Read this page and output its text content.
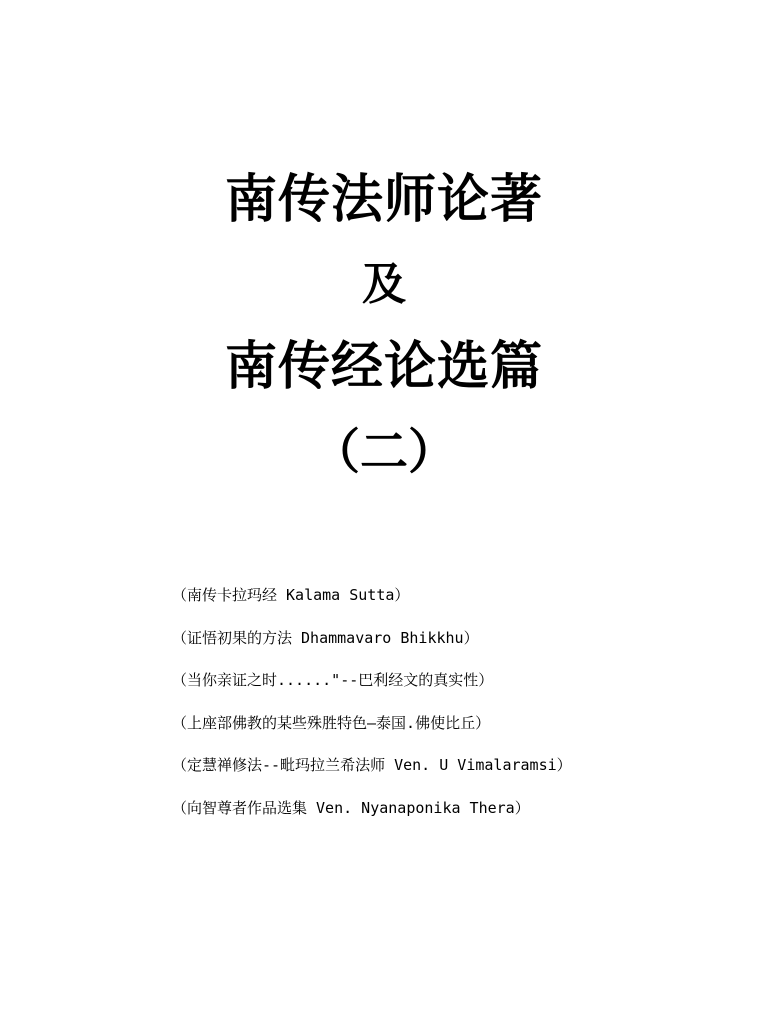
南传法师论著
及
南传经论选篇
（二）
（南传卡拉玛经 Kalama Sutta）
（证悟初果的方法 Dhammavaro Bhikkhu）
（当你亲证之时......"--巴利经文的真实性）
（上座部佛教的某些殊胜特色—泰国.佛使比丘）
（定慧禅修法--毗玛拉兰希法师 Ven. U Vimalaramsi）
（向智尊者作品选集 Ven. Nyanaponika Thera）
